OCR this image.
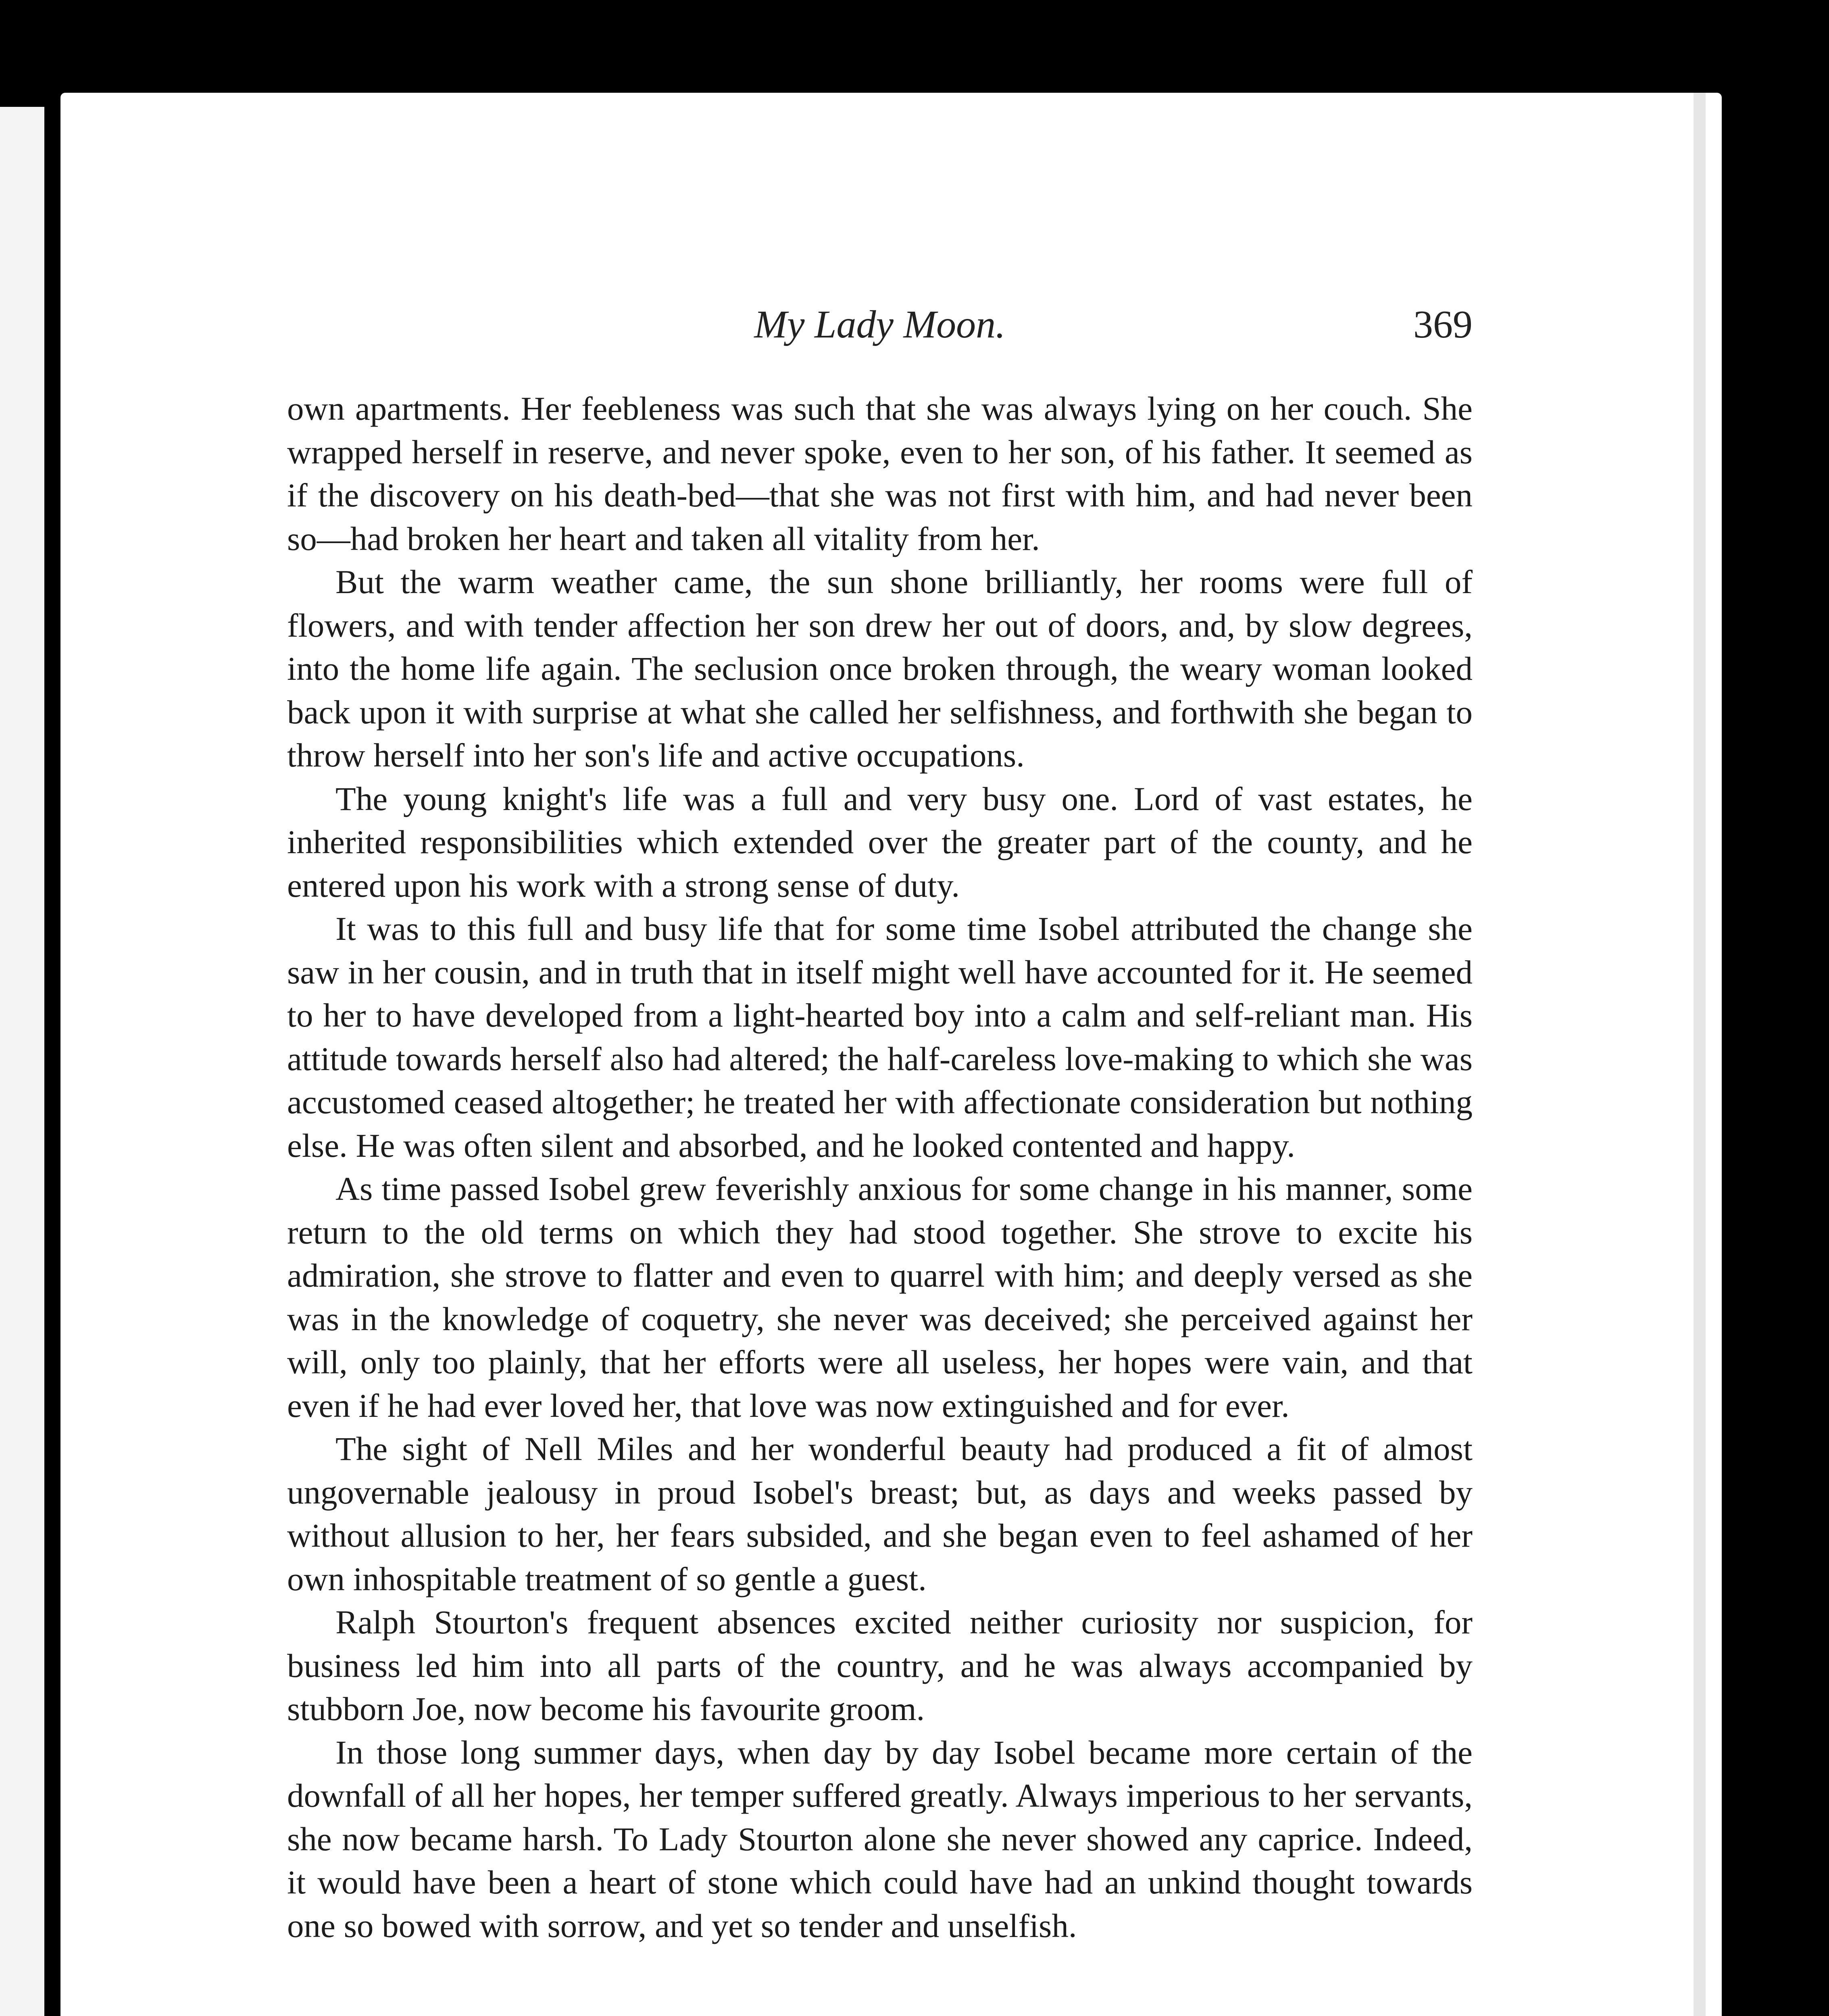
My Lady Moon.	369

own apartments. Her feebleness was such that she was always lying on her couch. She wrapped herself in reserve, and never spoke, even to her son, of his father. It seemed as if the discovery on his death-bed—that she was not first with him, and had never been so—had broken her heart and taken all vitality from her.

But the warm weather came, the sun shone brilliantly, her rooms were full of flowers, and with tender affection her son drew her out of doors, and, by slow degrees, into the home life again. The seclusion once broken through, the weary woman looked back upon it with surprise at what she called her selfishness, and forthwith she began to throw herself into her son's life and active occupations.

The young knight's life was a full and very busy one. Lord of vast estates, he inherited responsibilities which extended over the greater part of the county, and he entered upon his work with a strong sense of duty.

It was to this full and busy life that for some time Isobel attributed the change she saw in her cousin, and in truth that in itself might well have accounted for it. He seemed to her to have developed from a light-hearted boy into a calm and self-reliant man. His attitude towards herself also had altered; the half-careless love-making to which she was accustomed ceased altogether; he treated her with affectionate consideration but nothing else. He was often silent and absorbed, and he looked contented and happy.

As time passed Isobel grew feverishly anxious for some change in his manner, some return to the old terms on which they had stood together. She strove to excite his admiration, she strove to flatter and even to quarrel with him; and deeply versed as she was in the knowledge of coquetry, she never was deceived; she perceived against her will, only too plainly, that her efforts were all useless, her hopes were vain, and that even if he had ever loved her, that love was now extinguished and for ever.

The sight of Nell Miles and her wonderful beauty had produced a fit of almost ungovernable jealousy in proud Isobel's breast; but, as days and weeks passed by without allusion to her, her fears subsided, and she began even to feel ashamed of her own inhospitable treatment of so gentle a guest.

Ralph Stourton's frequent absences excited neither curiosity nor suspicion, for business led him into all parts of the country, and he was always accompanied by stubborn Joe, now become his favourite groom.

In those long summer days, when day by day Isobel became more certain of the downfall of all her hopes, her temper suffered greatly. Always imperious to her servants, she now became harsh. To Lady Stourton alone she never showed any caprice. Indeed, it would have been a heart of stone which could have had an unkind thought towards one so bowed with sorrow, and yet so tender and unselfish.
